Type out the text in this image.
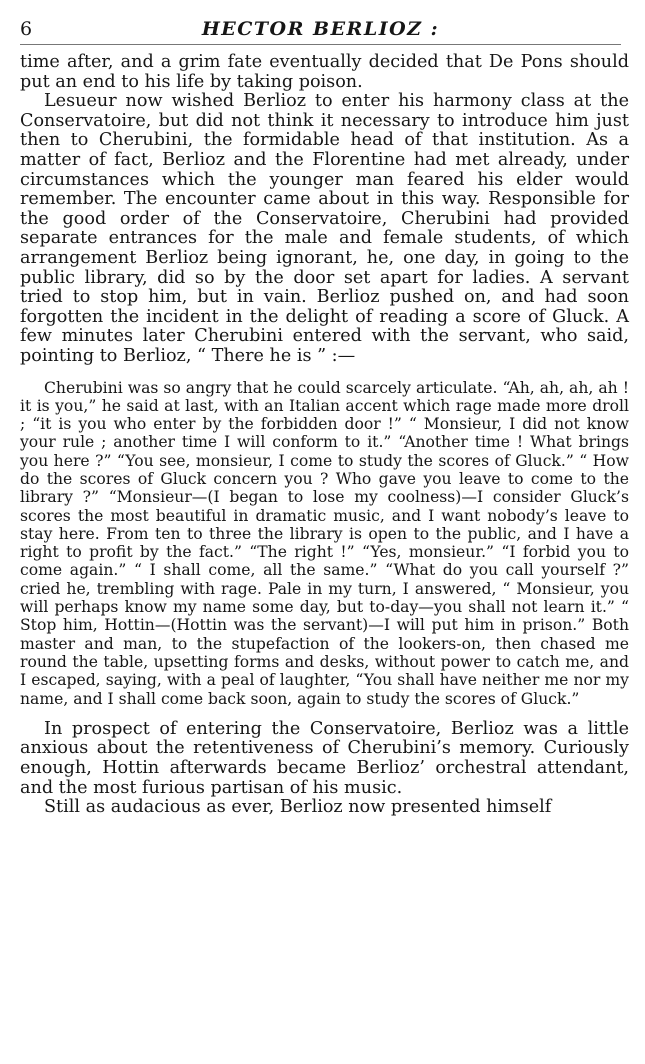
6	HECTOR BERLIOZ :

time after, and a grim fate eventually decided that De Pons should put an end to his life by taking poison.

Lesueur now wished Berlioz to enter his harmony class at the Conservatoire, but did not think it necessary to introduce him just then to Cherubini, the formidable head of that institution. As a matter of fact, Berlioz and the Florentine had met already, under circumstances which the younger man feared his elder would remember. The encounter came about in this way. Responsible for the good order of the Conservatoire, Cherubini had provided separate entrances for the male and female students, of which arrangement Berlioz being ignorant, he, one day, in going to the public library, did so by the door set apart for ladies. A servant tried to stop him, but in vain. Berlioz pushed on, and had soon forgotten the incident in the delight of reading a score of Gluck. A few minutes later Cherubini entered with the servant, who said, pointing to Berlioz, “ There he is ” :—

Cherubini was so angry that he could scarcely articulate. “Ah, ah, ah, ah ! it is you,” he said at last, with an Italian accent which rage made more droll ; “it is you who enter by the forbidden door !” “ Monsieur, I did not know your rule ; another time I will conform to it.” “Another time ! What brings you here ?” “You see, monsieur, I come to study the scores of Gluck.” “ How do the scores of Gluck concern you ? Who gave you leave to come to the library ?” “Monsieur—(I began to lose my coolness)—I consider Gluck’s scores the most beautiful in dramatic music, and I want nobody’s leave to stay here. From ten to three the library is open to the public, and I have a right to profit by the fact.” “The right !” “Yes, monsieur.” “I forbid you to come again.” “ I shall come, all the same.” “What do you call yourself ?” cried he, trembling with rage. Pale in my turn, I answered, “ Monsieur, you will perhaps know my name some day, but to-day—you shall not learn it.” “ Stop him, Hottin—(Hottin was the servant)—I will put him in prison.” Both master and man, to the stupefaction of the lookers-on, then chased me round the table, upsetting forms and desks, without power to catch me, and I escaped, saying, with a peal of laughter, “You shall have neither me nor my name, and I shall come back soon, again to study the scores of Gluck.”

In prospect of entering the Conservatoire, Berlioz was a little anxious about the retentiveness of Cherubini’s memory. Curiously enough, Hottin afterwards became Berlioz’ orchestral attendant, and the most furious partisan of his music.

Still as audacious as ever, Berlioz now presented himself
